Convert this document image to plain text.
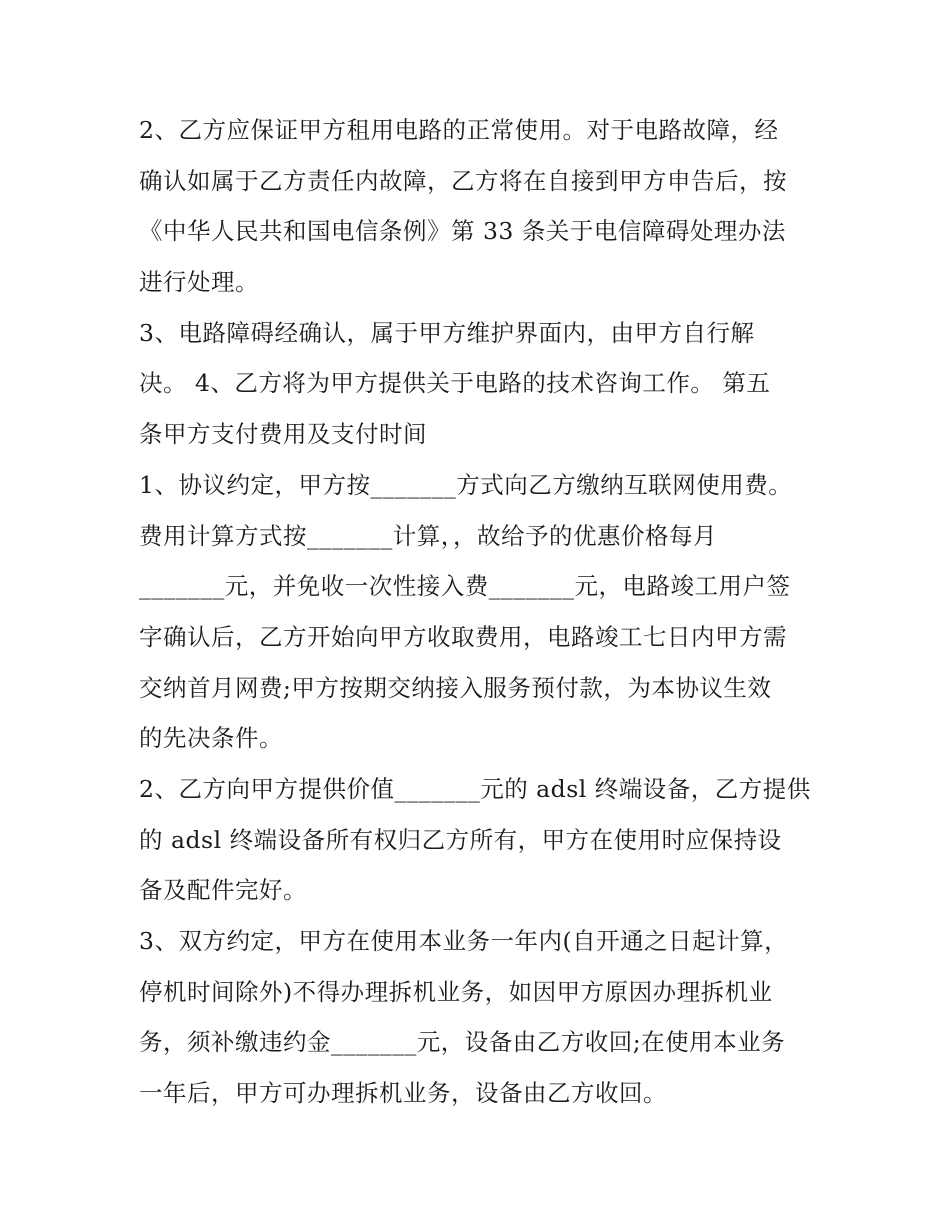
2、乙方应保证甲方租用电路的正常使用。对于电路故障，经
确认如属于乙方责任内故障，乙方将在自接到甲方申告后，按
《中华人民共和国电信条例》第 33 条关于电信障碍处理办法
进行处理。
3、电路障碍经确认，属于甲方维护界面内，由甲方自行解
决。 4、乙方将为甲方提供关于电路的技术咨询工作。 第五
条甲方支付费用及支付时间
1、协议约定，甲方按_______方式向乙方缴纳互联网使用费。
费用计算方式按_______计算，，故给予的优惠价格每月
_______元，并免收一次性接入费_______元，电路竣工用户签
字确认后，乙方开始向甲方收取费用，电路竣工七日内甲方需
交纳首月网费;甲方按期交纳接入服务预付款，为本协议生效
的先决条件。
2、乙方向甲方提供价值_______元的 adsl 终端设备，乙方提供
的 adsl 终端设备所有权归乙方所有，甲方在使用时应保持设
备及配件完好。
3、双方约定，甲方在使用本业务一年内(自开通之日起计算，
停机时间除外)不得办理拆机业务，如因甲方原因办理拆机业
务，须补缴违约金_______元，设备由乙方收回;在使用本业务
一年后，甲方可办理拆机业务，设备由乙方收回。
